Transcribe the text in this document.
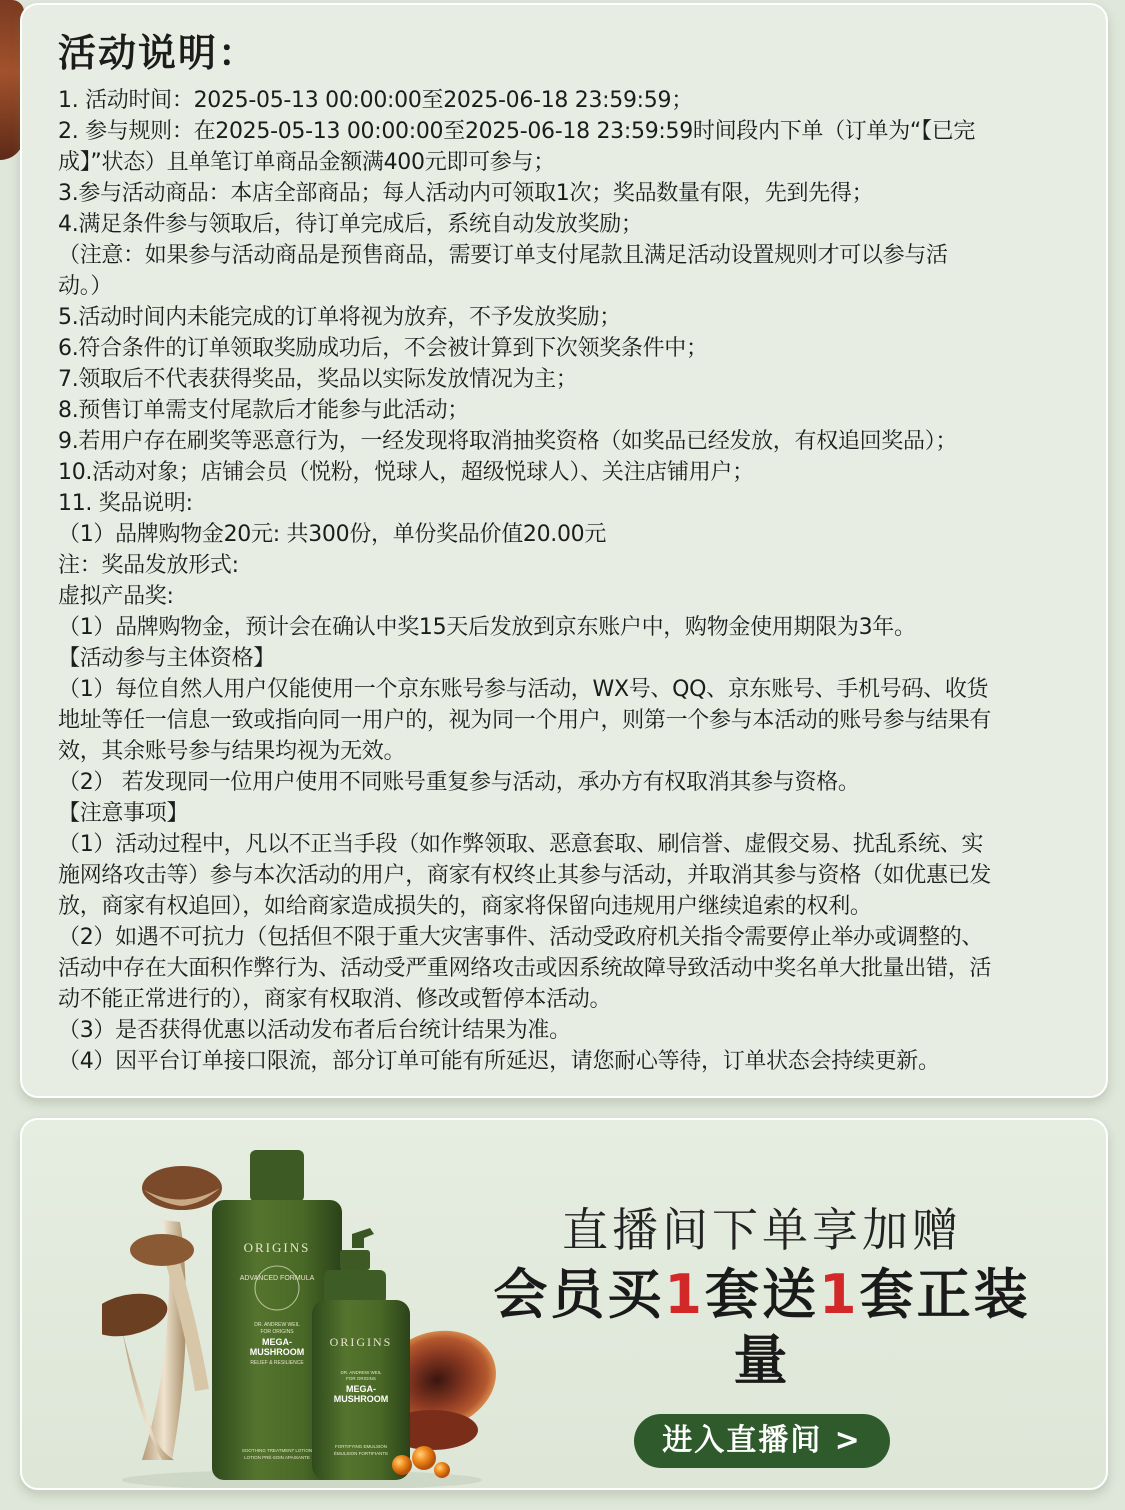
活动说明：
1. 活动时间：2025-05-13 00:00:00至2025-06-18 23:59:59；
2. 参与规则：在2025-05-13 00:00:00至2025-06-18 23:59:59时间段内下单（订单为“【已完
成】”状态）且单笔订单商品金额满400元即可参与；
3.参与活动商品：本店全部商品；每人活动内可领取1次；奖品数量有限，先到先得；
4.满足条件参与领取后，待订单完成后，系统自动发放奖励；
（注意：如果参与活动商品是预售商品，需要订单支付尾款且满足活动设置规则才可以参与活
动。）
5.活动时间内未能完成的订单将视为放弃，不予发放奖励；
6.符合条件的订单领取奖励成功后，不会被计算到下次领奖条件中；
7.领取后不代表获得奖品，奖品以实际发放情况为主；
8.预售订单需支付尾款后才能参与此活动；
9.若用户存在刷奖等恶意行为，一经发现将取消抽奖资格（如奖品已经发放，有权追回奖品）；
10.活动对象；店铺会员（悦粉，悦球人，超级悦球人）、关注店铺用户；
11. 奖品说明:
（1）品牌购物金20元: 共300份，单份奖品价值20.00元
注：奖品发放形式:
虚拟产品奖:
（1）品牌购物金，预计会在确认中奖15天后发放到京东账户中，购物金使用期限为3年。
【活动参与主体资格】
（1）每位自然人用户仅能使用一个京东账号参与活动，WX号、QQ、京东账号、手机号码、收货
地址等任一信息一致或指向同一用户的，视为同一个用户，则第一个参与本活动的账号参与结果有
效，其余账号参与结果均视为无效。
（2） 若发现同一位用户使用不同账号重复参与活动，承办方有权取消其参与资格。
【注意事项】
（1）活动过程中，凡以不正当手段（如作弊领取、恶意套取、刷信誉、虚假交易、扰乱系统、实
施网络攻击等）参与本次活动的用户，商家有权终止其参与活动，并取消其参与资格（如优惠已发
放，商家有权追回），如给商家造成损失的，商家将保留向违规用户继续追索的权利。
（2）如遇不可抗力（包括但不限于重大灾害事件、活动受政府机关指令需要停止举办或调整的、
活动中存在大面积作弊行为、活动受严重网络攻击或因系统故障导致活动中奖名单大批量出错，活
动不能正常进行的），商家有权取消、修改或暂停本活动。
（3）是否获得优惠以活动发布者后台统计结果为准。
（4）因平台订单接口限流，部分订单可能有所延迟，请您耐心等待，订单状态会持续更新。
ORIGINS
ADVANCED FORMULA
DR. ANDREW WEIL
FOR ORIGINS
MEGA-
MUSHROOM
RELIEF & RESILIENCE
SOOTHING TREATMENT LOTION
LOTION PRÉ-SOIN APAISANTE
ORIGINS
DR. ANDREW WEIL
FOR ORIGINS
MEGA-
MUSHROOM
FORTIFYING EMULSION
ÉMULSION FORTIFIANTE
直播间下单享加赠
会员买1套送1套正装量
进入直播间 >
